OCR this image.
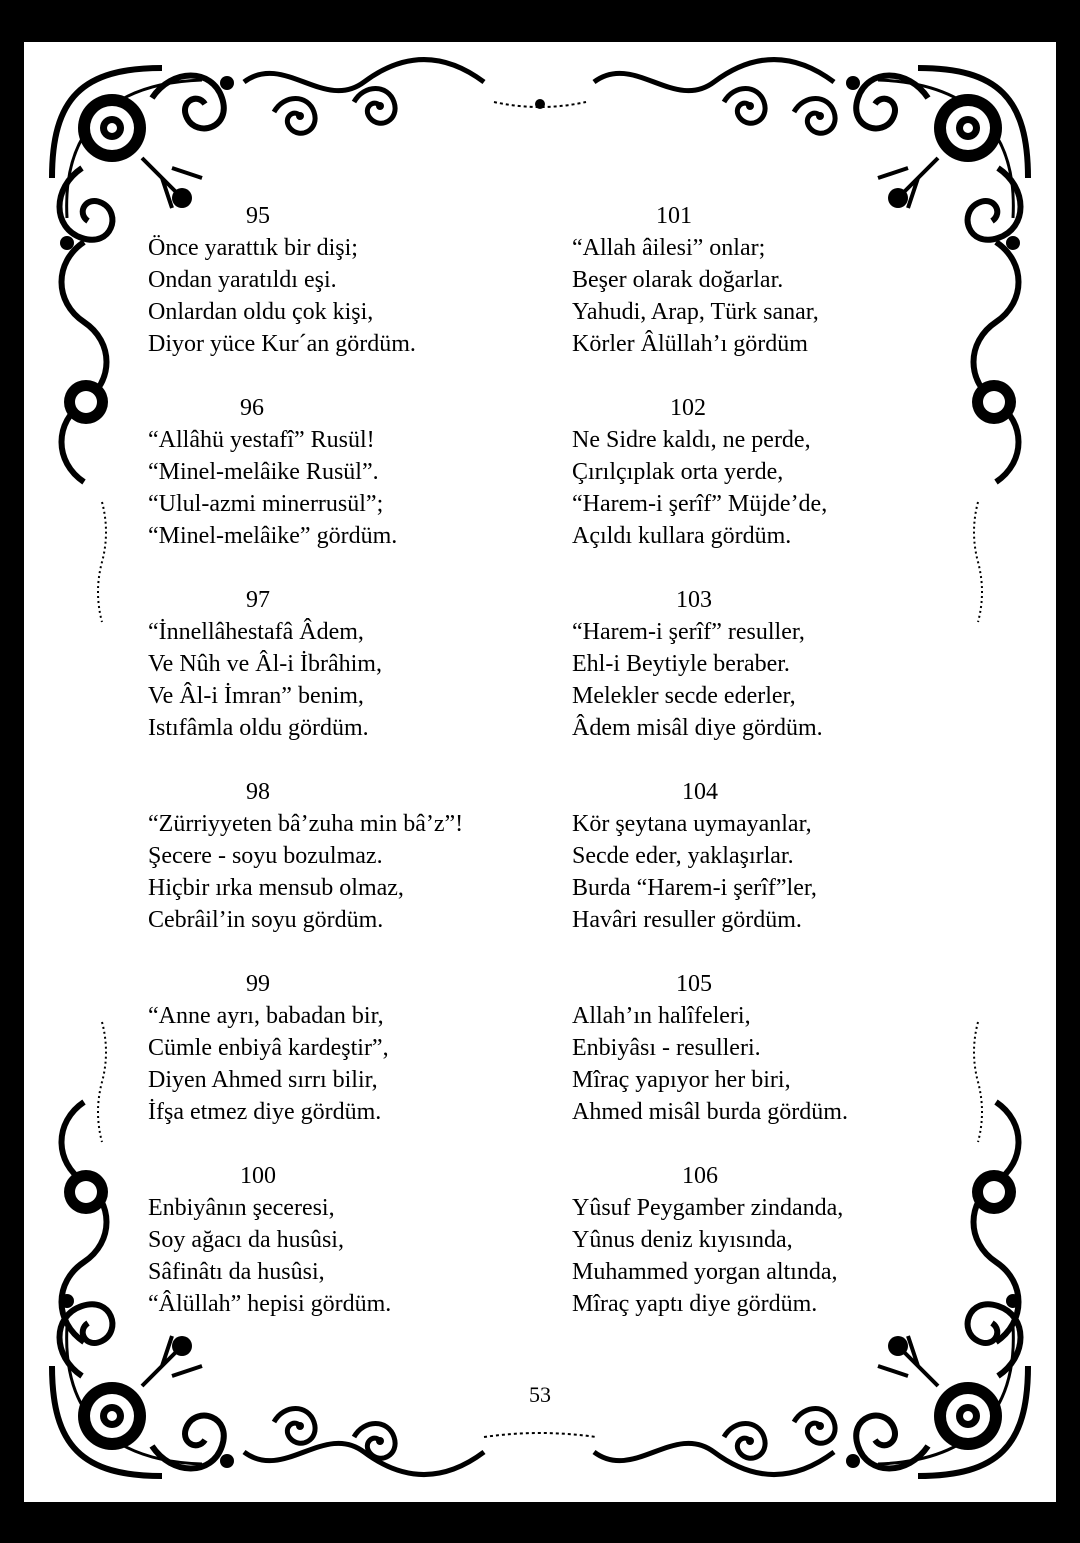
95
Önce yarattık bir dişi;
Ondan yaratıldı eşi.
Onlardan oldu çok kişi,
Diyor yüce Kur´an gördüm.
96
“Allâhü yestafî” Rusül!
“Minel-melâike Rusül”.
“Ulul-azmi minerrusül”;
“Minel-melâike” gördüm.
97
“İnnellâhestafâ Âdem,
Ve Nûh ve Âl-i İbrâhim,
Ve Âl-i İmran” benim,
Istıfâmla oldu gördüm.
98
“Zürriyyeten bâ’zuha min bâ’z”!
Şecere - soyu bozulmaz.
Hiçbir ırka mensub olmaz,
Cebrâil’in soyu gördüm.
99
“Anne ayrı, babadan bir,
Cümle enbiyâ kardeştir”,
Diyen Ahmed sırrı bilir,
İfşa etmez diye gördüm.
100
Enbiyânın şeceresi,
Soy ağacı da husûsi,
Sâfinâtı da husûsi,
“Âlüllah” hepisi gördüm.
101
“Allah âilesi” onlar;
Beşer olarak doğarlar.
Yahudi, Arap, Türk sanar,
Körler Âlüllah’ı gördüm
102
Ne Sidre kaldı, ne perde,
Çırılçıplak orta yerde,
“Harem-i şerîf” Müjde’de,
Açıldı kullara gördüm.
103
“Harem-i şerîf” resuller,
Ehl-i Beytiyle beraber.
Melekler secde ederler,
Âdem misâl diye gördüm.
104
Kör şeytana uymayanlar,
Secde eder, yaklaşırlar.
Burda “Harem-i şerîf”ler,
Havâri resuller gördüm.
105
Allah’ın halîfeleri,
Enbiyâsı - resulleri.
Mîraç yapıyor her biri,
Ahmed misâl burda gördüm.
106
Yûsuf Peygamber zindanda,
Yûnus deniz kıyısında,
Muhammed yorgan altında,
Mîraç yaptı diye gördüm.
53
